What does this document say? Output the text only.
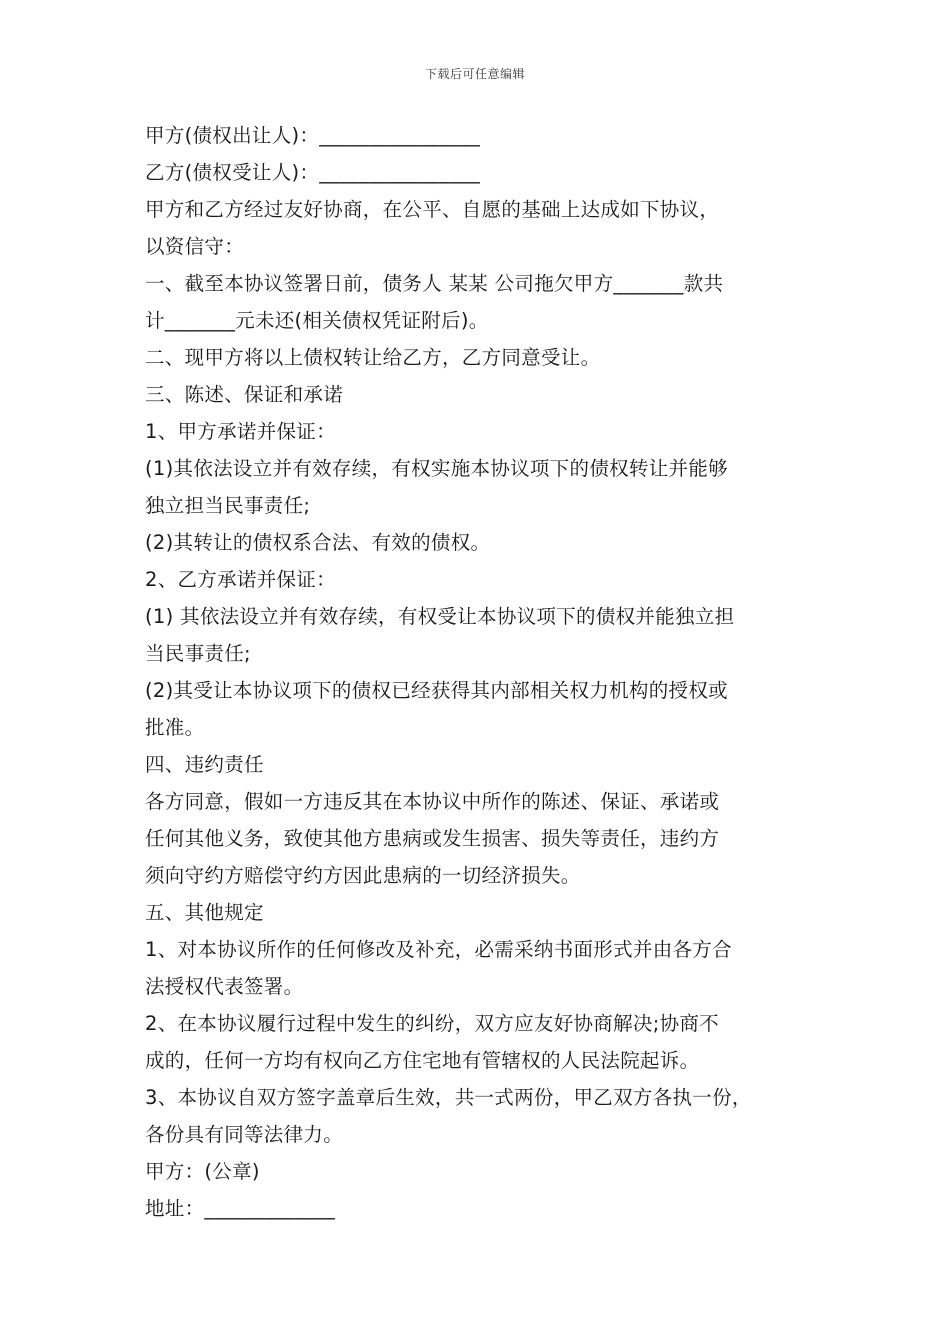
下载后可任意编辑
甲方(债权出让人)：________________
乙方(债权受让人)：________________
甲方和乙方经过友好协商，在公平、自愿的基础上达成如下协议，
以资信守：
一、截至本协议签署日前，债务人 某某 公司拖欠甲方_______款共
计_______元未还(相关债权凭证附后)。
二、现甲方将以上债权转让给乙方，乙方同意受让。
三、陈述、保证和承诺
1、甲方承诺并保证：
(1)其依法设立并有效存续，有权实施本协议项下的债权转让并能够
独立担当民事责任;
(2)其转让的债权系合法、有效的债权。
2、乙方承诺并保证：
(1) 其依法设立并有效存续，有权受让本协议项下的债权并能独立担
当民事责任;
(2)其受让本协议项下的债权已经获得其内部相关权力机构的授权或
批准。
四、违约责任
各方同意，假如一方违反其在本协议中所作的陈述、保证、承诺或
任何其他义务，致使其他方患病或发生损害、损失等责任，违约方
须向守约方赔偿守约方因此患病的一切经济损失。
五、其他规定
1、对本协议所作的任何修改及补充，必需采纳书面形式并由各方合
法授权代表签署。
2、在本协议履行过程中发生的纠纷，双方应友好协商解决;协商不
成的，任何一方均有权向乙方住宅地有管辖权的人民法院起诉。
3、本协议自双方签字盖章后生效，共一式两份，甲乙双方各执一份，
各份具有同等法律力。
甲方：(公章)
地址：_____________
